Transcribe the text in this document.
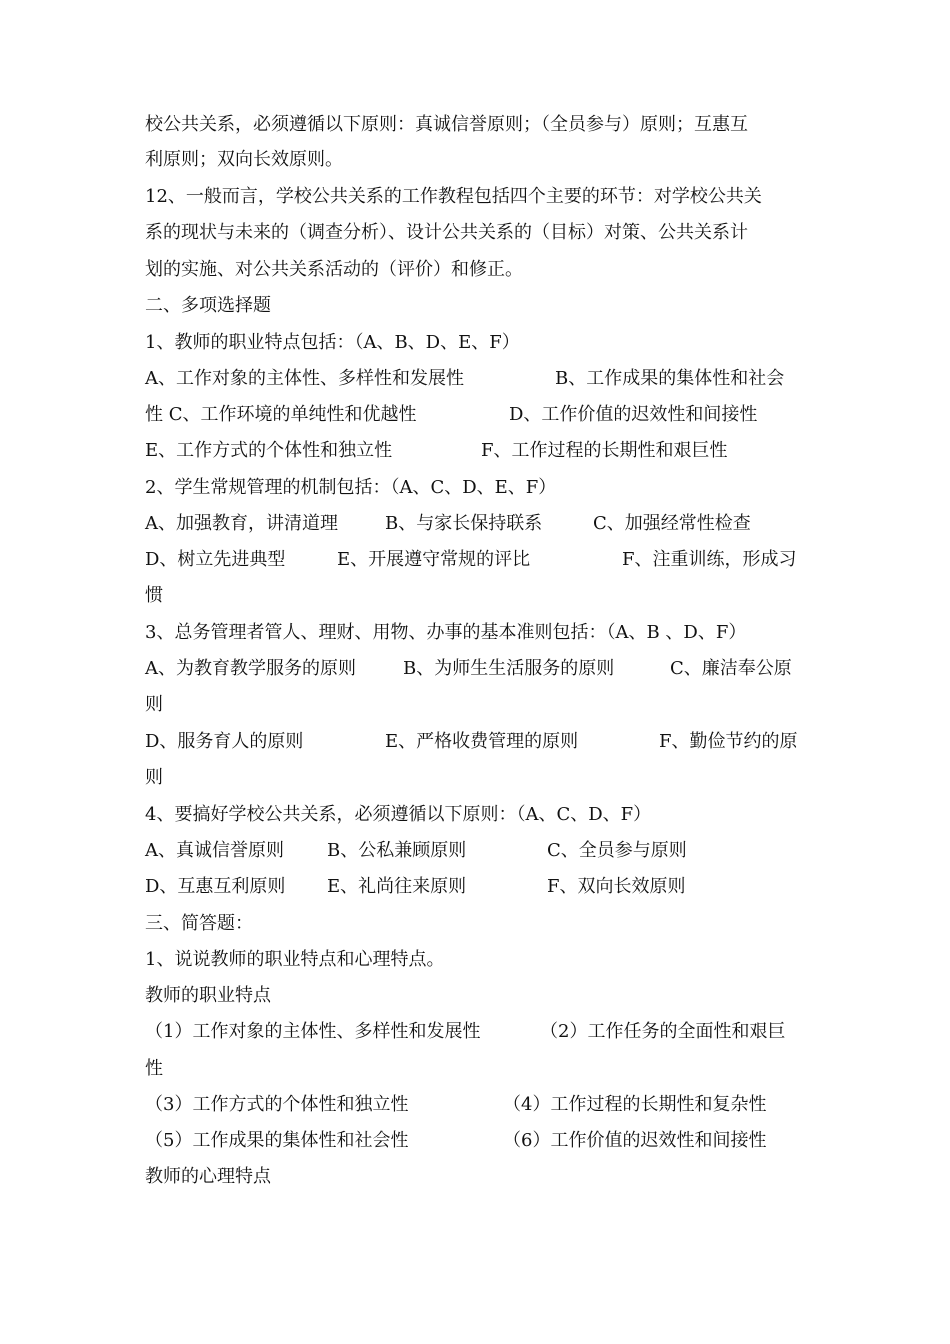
校公共关系，必须遵循以下原则：真诚信誉原则；（全员参与）原则；互惠互
利原则；双向长效原则。
12、一般而言，学校公共关系的工作教程包括四个主要的环节：对学校公共关
系的现状与未来的（调查分析）、设计公共关系的（目标）对策、公共关系计
划的实施、对公共关系活动的（评价）和修正。
二、多项选择题
1、教师的职业特点包括：（A、B、D、E、F）
A、工作对象的主体性、多样性和发展性	B、工作成果的集体性和社会
性 C、工作环境的单纯性和优越性	D、工作价值的迟效性和间接性
E、工作方式的个体性和独立性	F、工作过程的长期性和艰巨性
2、学生常规管理的机制包括：（A、C、D、E、F）
A、加强教育，讲清道理	B、与家长保持联系	C、加强经常性检查
D、树立先进典型	E、开展遵守常规的评比	F、注重训练，形成习
惯
3、总务管理者管人、理财、用物、办事的基本准则包括：（A、B 、D、F）
A、为教育教学服务的原则	B、为师生生活服务的原则	C、廉洁奉公原
则
D、服务育人的原则	E、严格收费管理的原则	F、勤俭节约的原
则
4、要搞好学校公共关系，必须遵循以下原则：（A、C、D、F）
A、真诚信誉原则 B、公私兼顾原则	C、全员参与原则
D、互惠互利原则 E、礼尚往来原则	F、双向长效原则
三、简答题：
1、说说教师的职业特点和心理特点。
教师的职业特点
（1）工作对象的主体性、多样性和发展性	（2）工作任务的全面性和艰巨
性
（3）工作方式的个体性和独立性	（4）工作过程的长期性和复杂性
（5）工作成果的集体性和社会性	（6）工作价值的迟效性和间接性
教师的心理特点
